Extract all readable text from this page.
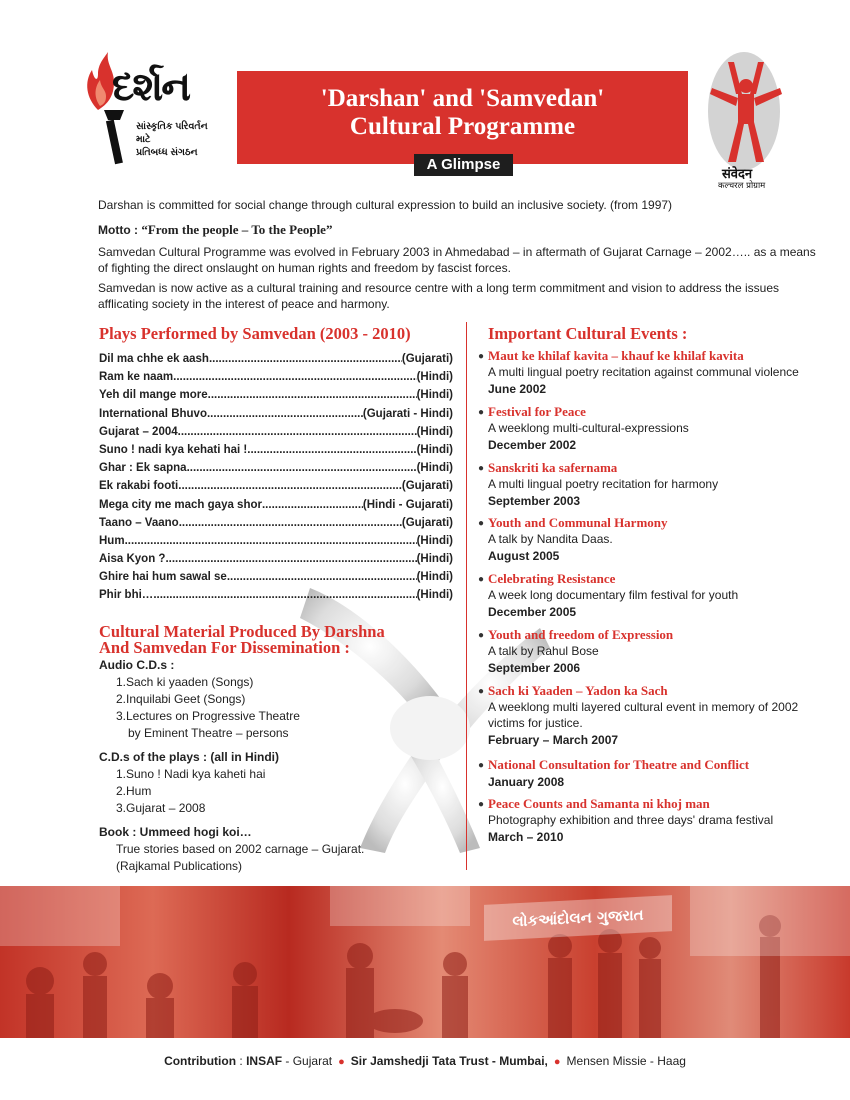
દર્શન
સાંસ્કૃતિક પરિવર્તન
માટે
પ્રતિબધ્ધ સંગઠન
'Darshan' and 'Samvedan'
Cultural Programme
A Glimpse
संवेदन
कल्चरल प्रोग्राम
Darshan is committed for social change through cultural expression to build an inclusive society. (from 1997)
Motto : “From the people – To the People”
Samvedan Cultural Programme was evolved in February 2003 in Ahmedabad – in aftermath of Gujarat Carnage – 2002….. as a means of fighting the direct onslaught on human rights and freedom by fascist forces.
Samvedan is now active as a cultural training and resource centre with a long term commitment and vision to address the issues afflicating society in the interest of peace and harmony.
Plays Performed by Samvedan (2003 - 2010)
Dil ma chhe ek aash .....	(Gujarati)
Ram ke naam .....	(Hindi)
Yeh dil mange more .....	(Hindi)
International Bhuvo .....	(Gujarati - Hindi)
Gujarat – 2004 .....	(Hindi)
Suno ! nadi kya kehati hai ! .....	(Hindi)
Ghar : Ek sapna .....	(Hindi)
Ek rakabi footi .....	(Gujarati)
Mega city me mach gaya shor .....	(Hindi - Gujarati)
Taano – Vaano .....	(Gujarati)
Hum .....	(Hindi)
Aisa Kyon ? .....	(Hindi)
Ghire hai hum sawal se .....	(Hindi)
Phir bhi… .....	(Hindi)
Cultural Material Produced By Darshna
And Samvedan For Dissemination :
Audio C.D.s :
1.Sach ki yaaden (Songs)
2.Inquilabi Geet (Songs)
3.Lectures on Progressive Theatre
by Eminent Theatre – persons
C.D.s of the plays : (all in Hindi)
1.Suno ! Nadi kya kaheti hai
2.Hum
3.Gujarat – 2008
Book : Ummeed hogi koi…
True stories based on 2002 carnage – Gujarat.
(Rajkamal Publications)
Important Cultural Events :
● Maut ke khilaf kavita – khauf ke khilaf kavita
A multi lingual poetry recitation against communal violence
June 2002
● Festival for Peace
A weeklong multi-cultural-expressions
December 2002
● Sanskriti ka safernama
A multi lingual poetry recitation for harmony
September 2003
● Youth and Communal Harmony
A talk by Nandita Daas.
August 2005
● Celebrating Resistance
A week long documentary film festival for youth
December 2005
● Youth and freedom of Expression
A talk by Rahul Bose
September 2006
● Sach ki Yaaden – Yadon ka Sach
A weeklong multi layered cultural event in memory of 2002 victims for justice.
February – March 2007
● National Consultation for Theatre and Conflict
January 2008
● Peace Counts and Samanta ni khoj man
Photography exhibition and three days' drama festival
March – 2010
લોકઆંદોલન ગુજરાત
Contribution : INSAF - Gujarat ● Sir Jamshedji Tata Trust - Mumbai, ● Mensen Missie - Haag
